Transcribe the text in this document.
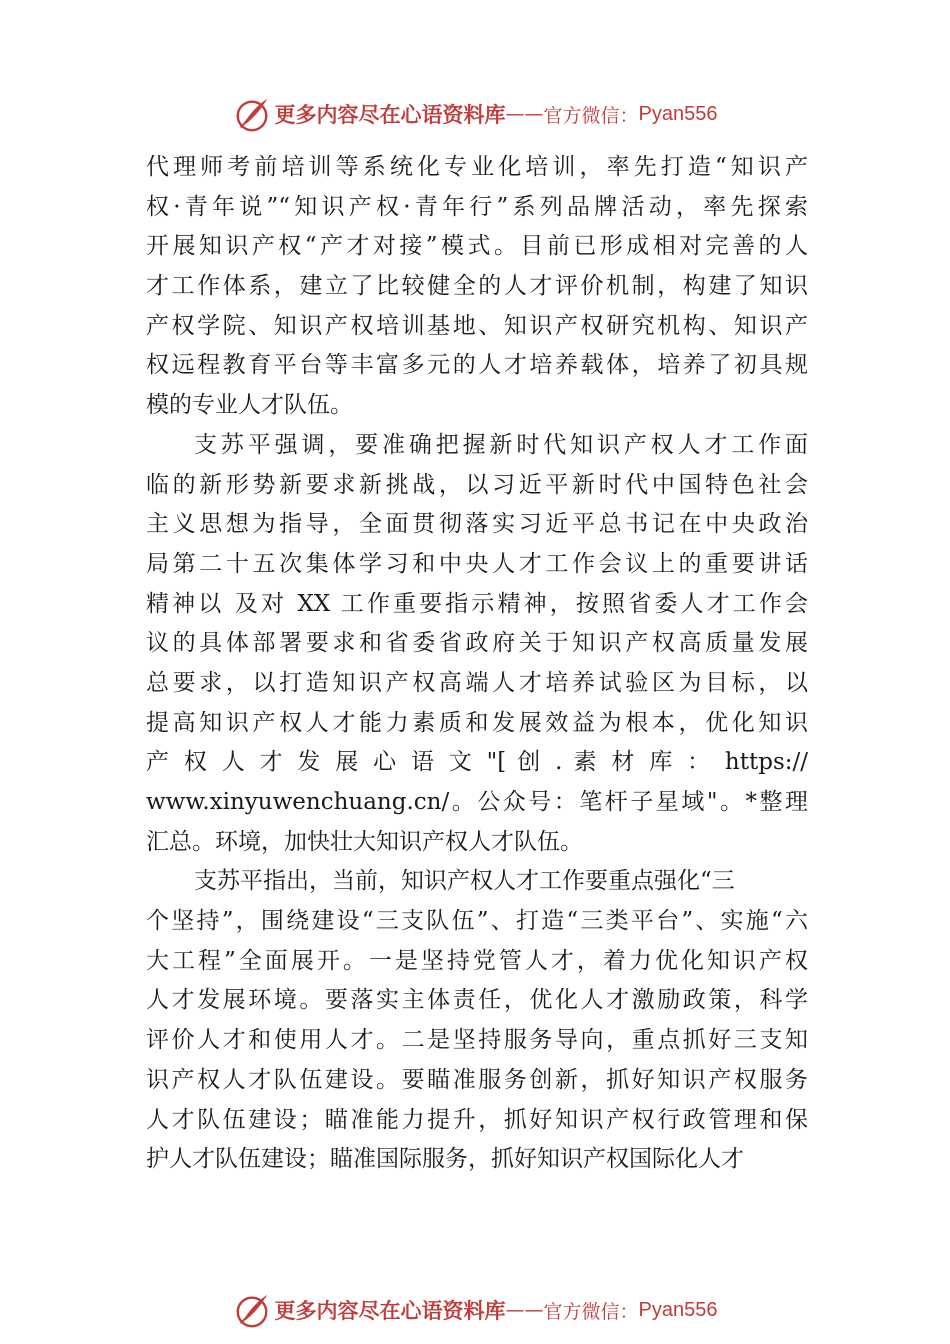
更多内容尽在心语资料库 —— 官方微信： Pyan556
代理师考前培训等系统化专业化培训，率先打造“知识产
权·青年说”“知识产权·青年行”系列品牌活动，率先探索
开展知识产权“产才对接”模式。目前已形成相对完善的人
才工作体系，建立了比较健全的人才评价机制，构建了知识
产权学院、知识产权培训基地、知识产权研究机构、知识产
权远程教育平台等丰富多元的人才培养载体，培养了初具规
模的专业人才队伍。
支苏平强调，要准确把握新时代知识产权人才工作面
临的新形势新要求新挑战，以习近平新时代中国特色社会
主义思想为指导，全面贯彻落实习近平总书记在中央政治
局第二十五次集体学习和中央人才工作会议上的重要讲话
精神以 及对 XX 工作重要指示精神，按照省委人才工作会
议的具体部署要求和省委省政府关于知识产权高质量发展
总要求，以打造知识产权高端人才培养试验区为目标，以
提高知识产权人才能力素质和发展效益为根本，优化知识
产 权 人 才 发 展 心 语 文 "[ 创 . 素 材 库 ： https://
www.xinyuwenchuang.cn/。公众号：笔杆子星域"。*整理
汇总。环境，加快壮大知识产权人才队伍。
支苏平指出，当前，知识产权人才工作要重点强化“三
个坚持”，围绕建设“三支队伍”、打造“三类平台”、实施“六
大工程”全面展开。一是坚持党管人才，着力优化知识产权
人才发展环境。要落实主体责任，优化人才激励政策，科学
评价人才和使用人才。二是坚持服务导向，重点抓好三支知
识产权人才队伍建设。要瞄准服务创新，抓好知识产权服务
人才队伍建设；瞄准能力提升，抓好知识产权行政管理和保
护人才队伍建设；瞄准国际服务，抓好知识产权国际化人才
更多内容尽在心语资料库 —— 官方微信： Pyan556
